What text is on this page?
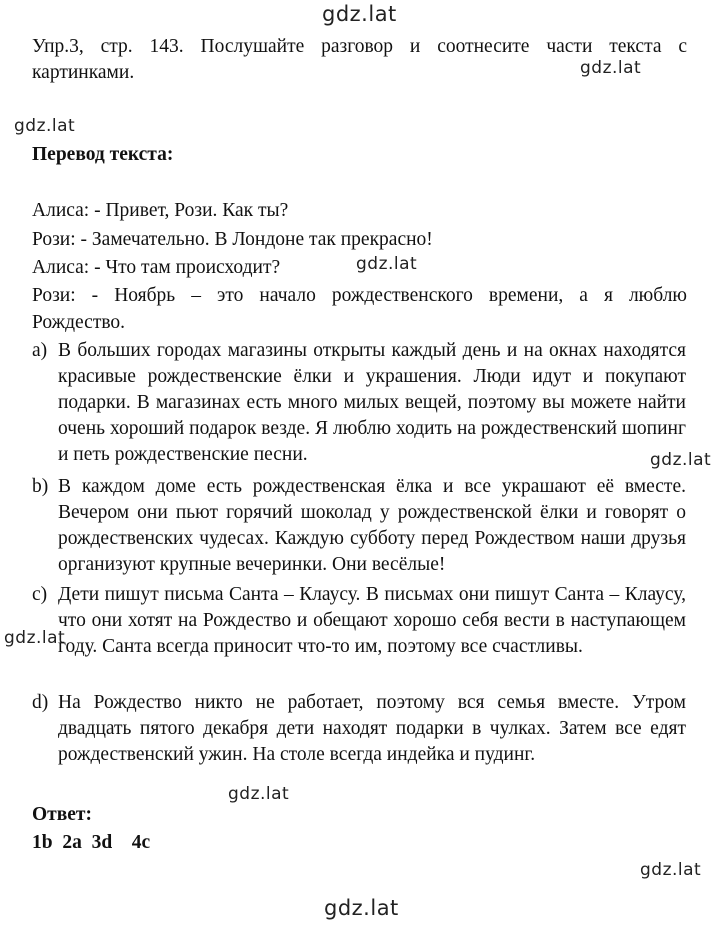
gdz.lat
gdz.lat
gdz.lat
gdz.lat
gdz.lat
gdz.lat
gdz.lat
gdz.lat
gdz.lat
Упр.3, стр. 143. Послушайте разговор и соотнесите части текста с
картинками.
Перевод текста:
Алиса: - Привет, Рози. Как ты?
Рози: - Замечательно. В Лондоне так прекрасно!
Алиса: - Что там происходит?
Рози: - Ноябрь – это начало рождественского времени, а я люблю
Рождество.
a) В больших городах магазины открыты каждый день и на окнах находятся красивые рождественские ёлки и украшения. Люди идут и покупают подарки. В магазинах есть много милых вещей, поэтому вы можете найти очень хороший подарок везде. Я люблю ходить на рождественский шопинг и петь рождественские песни.
b) В каждом доме есть рождественская ёлка и все украшают её вместе. Вечером они пьют горячий шоколад у рождественской ёлки и говорят о рождественских чудесах. Каждую субботу перед Рождеством наши друзья организуют крупные вечеринки. Они весёлые!
c) Дети пишут письма Санта – Клаусу. В письмах они пишут Санта – Клаусу, что они хотят на Рождество и обещают хорошо себя вести в наступающем году. Санта всегда приносит что-то им, поэтому все счастливы.
d) На Рождество никто не работает, поэтому вся семья вместе. Утром двадцать пятого декабря дети находят подарки в чулках. Затем все едят рождественский ужин. На столе всегда индейка и пудинг.
Ответ:
1b  2a  3d    4c
